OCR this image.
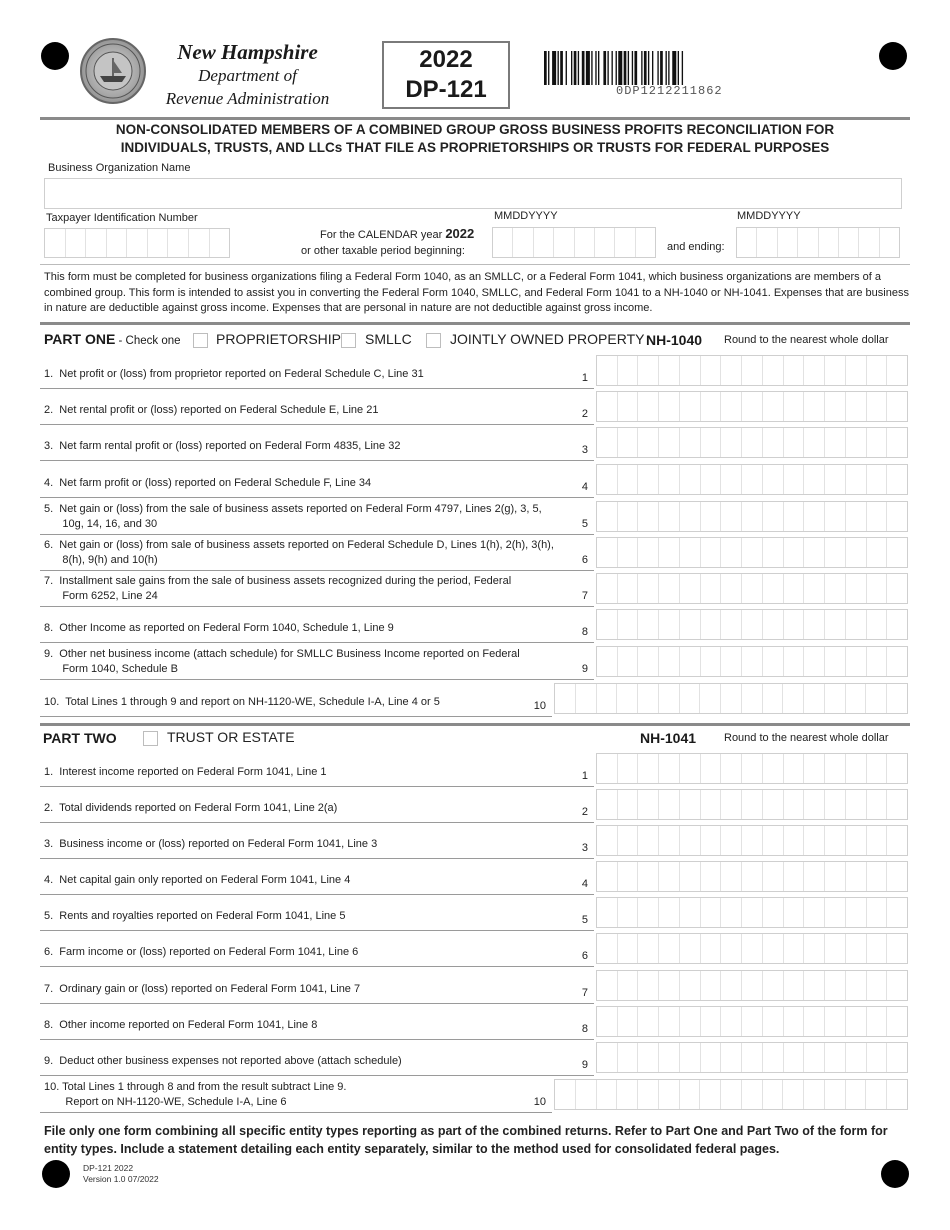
New Hampshire
Department of
Revenue Administration
2022
DP-121	0DP1212211862
NON-CONSOLIDATED MEMBERS OF A COMBINED GROUP GROSS BUSINESS PROFITS RECONCILIATION FOR
INDIVIDUALS, TRUSTS, AND LLCs THAT FILE AS PROPRIETORSHIPS OR TRUSTS FOR FEDERAL PURPOSES
Business Organization Name
Taxpayer Identification Number
For the CALENDAR year 2022
or other taxable period beginning:
MMDDYYYY
and ending:
MMDDYYYY
This form must be completed for business organizations filing a Federal Form 1040, as an SMLLC, or a Federal Form 1041, which business organizations are members of a combined group. This form is intended to assist you in converting the Federal Form 1040, SMLLC, and Federal Form 1041 to a NH-1040 or NH-1041. Expenses that are business in nature are deductible against gross income. Expenses that are personal in nature are not deductible against gross income.
PART ONE - Check one	PROPRIETORSHIP SMLLC	JOINTLY OWNED PROPERTY NH-1040 Round to the nearest whole dollar
1.  Net profit or (loss) from proprietor reported on Federal Schedule C, Line 31	1
2.  Net rental profit or (loss) reported on Federal Schedule E, Line 21	2
3.  Net farm rental profit or (loss) reported on Federal Form 4835, Line 32	3
4.  Net farm profit or (loss) reported on Federal Schedule F, Line 34	4
5.  Net gain or (loss) from the sale of business assets reported on Federal Form 4797, Lines 2(g), 3, 5,
10g, 14, 16, and 30	5
6.  Net gain or (loss) from sale of business assets reported on Federal Schedule D, Lines 1(h), 2(h), 3(h),
8(h), 9(h) and 10(h)	6
7.  Installment sale gains from the sale of business assets recognized during the period, Federal
Form 6252, Line 24	7
8.  Other Income as reported on Federal Form 1040, Schedule 1, Line 9	8
9.  Other net business income (attach schedule) for SMLLC Business Income reported on Federal
Form 1040, Schedule B	9
10.  Total Lines 1 through 9 and report on NH-1120-WE, Schedule I-A, Line 4 or 5	10
PART TWO	TRUST OR ESTATE	NH-1041	Round to the nearest whole dollar
1.  Interest income reported on Federal Form 1041, Line 1	1
2.  Total dividends reported on Federal Form 1041, Line 2(a)	2
3.  Business income or (loss) reported on Federal Form 1041, Line 3	3
4.  Net capital gain only reported on Federal Form 1041, Line 4	4
5.  Rents and royalties reported on Federal Form 1041, Line 5	5
6.  Farm income or (loss) reported on Federal Form 1041, Line 6	6
7.  Ordinary gain or (loss) reported on Federal Form 1041, Line 7	7
8.  Other income reported on Federal Form 1041, Line 8	8
9.  Deduct other business expenses not reported above (attach schedule)	9
10. Total Lines 1 through 8 and from the result subtract Line 9.
Report on NH-1120-WE, Schedule I-A, Line 6	10
File only one form combining all specific entity types reporting as part of the combined returns. Refer to Part One and Part Two of the form for entity types. Include a statement detailing each entity separately, similar to the method used for consolidated federal pages.
DP-121 2022
Version 1.0 07/2022
